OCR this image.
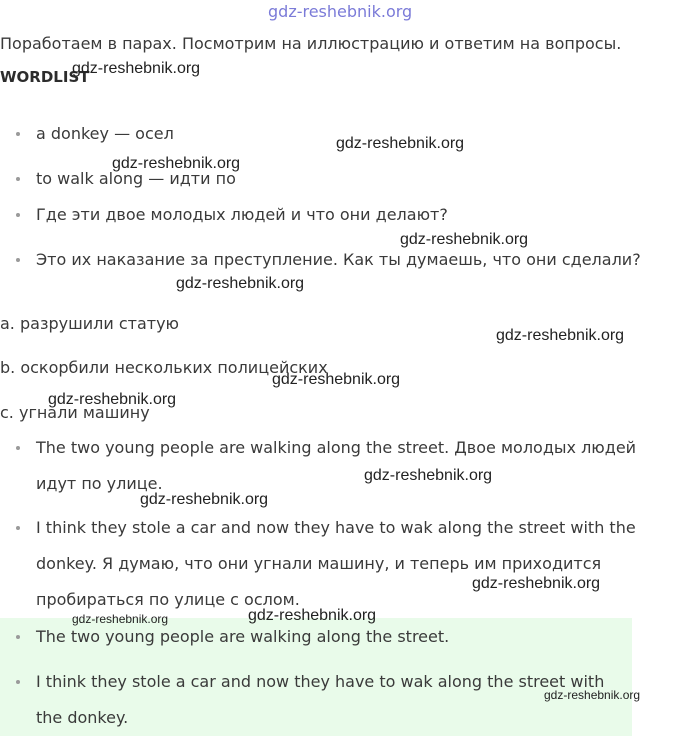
gdz-reshebnik.org
Поработаем в парах. Посмотрим на иллюстрацию и ответим на вопросы.
WORDLIST
a donkey — осел
to walk along — идти по
Где эти двое молодых людей и что они делают?
Это их наказание за преступление. Как ты думаешь, что они сделали?
a. разрушили статую
b. оскорбили нескольких полицейских
c. угнали машину
The two young people are walking along the street. Двое молодых людей
идут по улице.
I think they stole a car and now they have to wak along the street with the
donkey. Я думаю, что они угнали машину, и теперь им приходится
пробираться по улице с ослом.
The two young people are walking along the street.
I think they stole a car and now they have to wak along the street with
the donkey.
gdz-reshebnik.org
gdz-reshebnik.org
gdz-reshebnik.org
gdz-reshebnik.org
gdz-reshebnik.org
gdz-reshebnik.org
gdz-reshebnik.org
gdz-reshebnik.org
gdz-reshebnik.org
gdz-reshebnik.org
gdz-reshebnik.org
gdz-reshebnik.org
gdz-reshebnik.org
gdz-reshebnik.org
